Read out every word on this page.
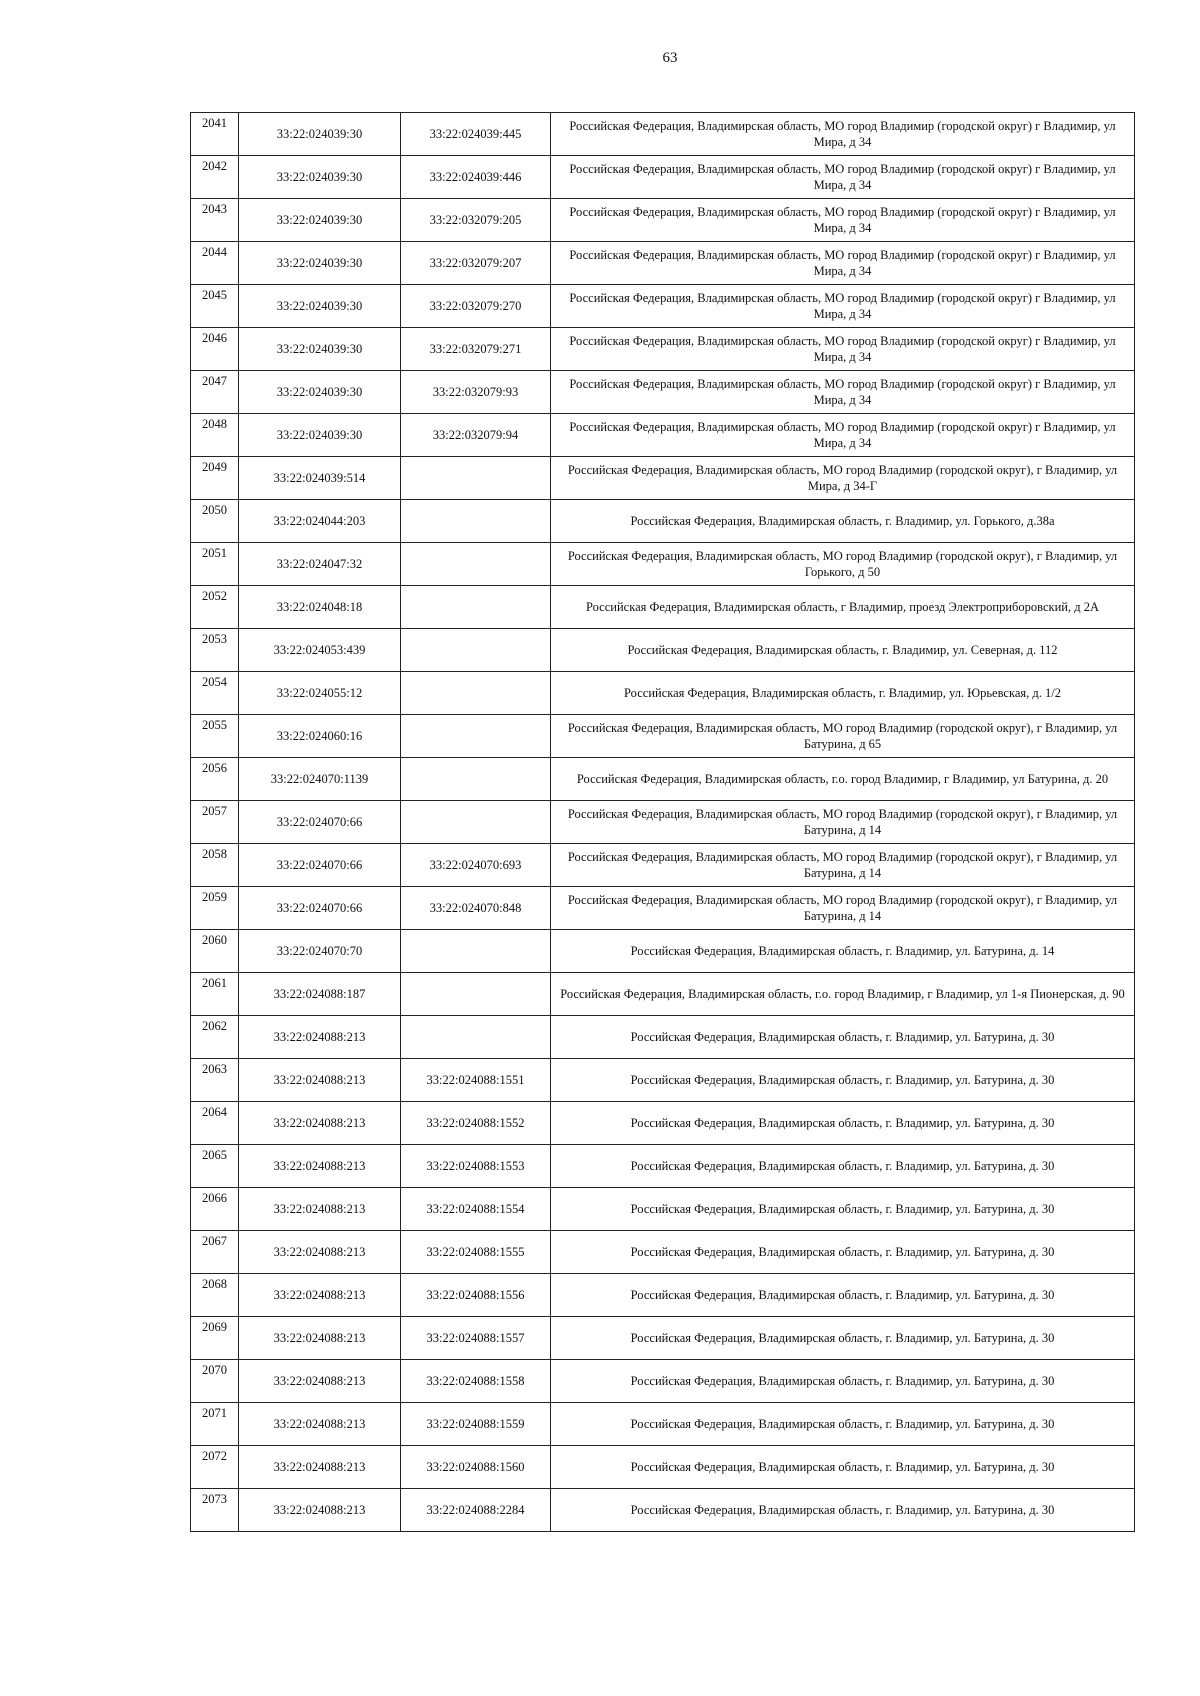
63
2041	33:22:024039:30	33:22:024039:445	Российская Федерация, Владимирская область, МО город Владимир (городской округ) г Владимир, ул Мира, д 34
2042	33:22:024039:30	33:22:024039:446	Российская Федерация, Владимирская область, МО город Владимир (городской округ) г Владимир, ул Мира, д 34
2043	33:22:024039:30	33:22:032079:205	Российская Федерация, Владимирская область, МО город Владимир (городской округ) г Владимир, ул Мира, д 34
2044	33:22:024039:30	33:22:032079:207	Российская Федерация, Владимирская область, МО город Владимир (городской округ) г Владимир, ул Мира, д 34
2045	33:22:024039:30	33:22:032079:270	Российская Федерация, Владимирская область, МО город Владимир (городской округ) г Владимир, ул Мира, д 34
2046	33:22:024039:30	33:22:032079:271	Российская Федерация, Владимирская область, МО город Владимир (городской округ) г Владимир, ул Мира, д 34
2047	33:22:024039:30	33:22:032079:93	Российская Федерация, Владимирская область, МО город Владимир (городской округ) г Владимир, ул Мира, д 34
2048	33:22:024039:30	33:22:032079:94	Российская Федерация, Владимирская область, МО город Владимир (городской округ) г Владимир, ул Мира, д 34
2049	33:22:024039:514		Российская Федерация, Владимирская область, МО город Владимир (городской округ), г Владимир, ул Мира, д 34-Г
2050	33:22:024044:203		Российская Федерация, Владимирская область, г. Владимир, ул. Горького, д.38а
2051	33:22:024047:32		Российская Федерация, Владимирская область, МО город Владимир (городской округ), г Владимир, ул Горького, д 50
2052	33:22:024048:18		Российская Федерация, Владимирская область, г Владимир, проезд Электроприборовский, д 2А
2053	33:22:024053:439		Российская Федерация, Владимирская область, г. Владимир, ул. Северная, д. 112
2054	33:22:024055:12		Российская Федерация, Владимирская область, г. Владимир, ул. Юрьевская, д. 1/2
2055	33:22:024060:16		Российская Федерация, Владимирская область, МО город Владимир (городской округ), г Владимир, ул Батурина, д 65
2056	33:22:024070:1139		Российская Федерация, Владимирская область, г.о. город Владимир, г Владимир, ул Батурина, д. 20
2057	33:22:024070:66		Российская Федерация, Владимирская область, МО город Владимир (городской округ), г Владимир, ул Батурина, д 14
2058	33:22:024070:66	33:22:024070:693	Российская Федерация, Владимирская область, МО город Владимир (городской округ), г Владимир, ул Батурина, д 14
2059	33:22:024070:66	33:22:024070:848	Российская Федерация, Владимирская область, МО город Владимир (городской округ), г Владимир, ул Батурина, д 14
2060	33:22:024070:70		Российская Федерация, Владимирская область, г. Владимир, ул. Батурина, д. 14
2061	33:22:024088:187		Российская Федерация, Владимирская область, г.о. город Владимир, г Владимир, ул 1-я Пионерская, д. 90
2062	33:22:024088:213		Российская Федерация, Владимирская область, г. Владимир, ул. Батурина, д. 30
2063	33:22:024088:213	33:22:024088:1551	Российская Федерация, Владимирская область, г. Владимир, ул. Батурина, д. 30
2064	33:22:024088:213	33:22:024088:1552	Российская Федерация, Владимирская область, г. Владимир, ул. Батурина, д. 30
2065	33:22:024088:213	33:22:024088:1553	Российская Федерация, Владимирская область, г. Владимир, ул. Батурина, д. 30
2066	33:22:024088:213	33:22:024088:1554	Российская Федерация, Владимирская область, г. Владимир, ул. Батурина, д. 30
2067	33:22:024088:213	33:22:024088:1555	Российская Федерация, Владимирская область, г. Владимир, ул. Батурина, д. 30
2068	33:22:024088:213	33:22:024088:1556	Российская Федерация, Владимирская область, г. Владимир, ул. Батурина, д. 30
2069	33:22:024088:213	33:22:024088:1557	Российская Федерация, Владимирская область, г. Владимир, ул. Батурина, д. 30
2070	33:22:024088:213	33:22:024088:1558	Российская Федерация, Владимирская область, г. Владимир, ул. Батурина, д. 30
2071	33:22:024088:213	33:22:024088:1559	Российская Федерация, Владимирская область, г. Владимир, ул. Батурина, д. 30
2072	33:22:024088:213	33:22:024088:1560	Российская Федерация, Владимирская область, г. Владимир, ул. Батурина, д. 30
2073	33:22:024088:213	33:22:024088:2284	Российская Федерация, Владимирская область, г. Владимир, ул. Батурина, д. 30
